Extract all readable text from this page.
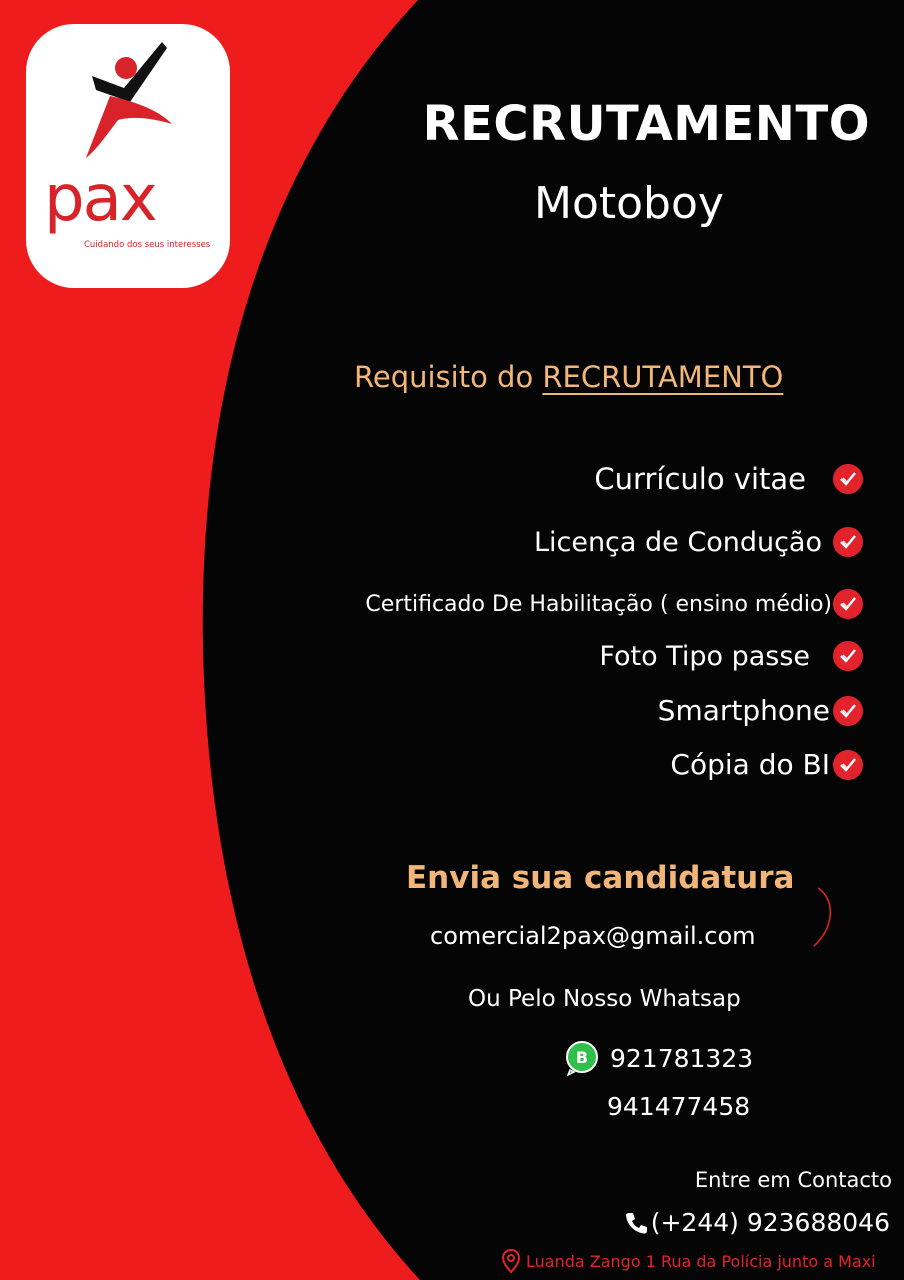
pax
Cuidando dos seus interesses
RECRUTAMENTO
Motoboy
Requisito do RECRUTAMENTO
Currículo vitae
Licença de Condução
Certificado De Habilitação ( ensino médio)
Foto Tipo passe
Smartphone
Cópia do BI
Envia sua candidatura
comercial2pax@gmail.com
Ou Pelo Nosso Whatsap
B 921781323
941477458
Entre em Contacto
(+244) 923688046
Luanda Zango 1 Rua da Polícia junto a Maxi
